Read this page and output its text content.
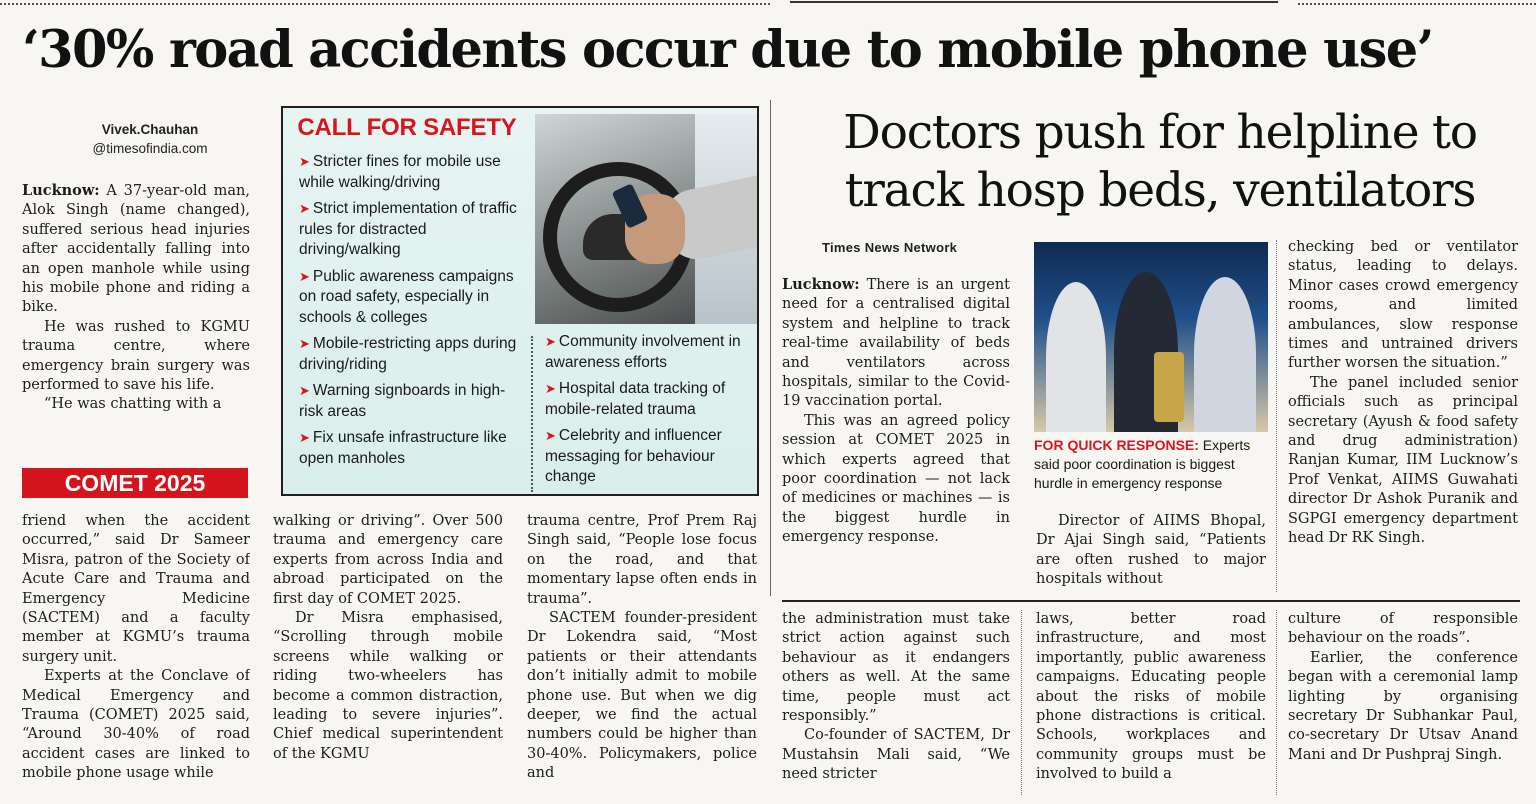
‘30% road accidents occur due to mobile phone use’
Vivek.Chauhan
@timesofindia.com

Lucknow: A 37-year-old man, Alok Singh (name changed), suffered serious head injuries after accidentally falling into an open manhole while using his mobile phone and riding a bike.

He was rushed to KGMU trauma centre, where emergency brain surgery was performed to save his life.

“He was chatting with a

COMET 2025
CALL FOR SAFETY
➤ Stricter fines for mobile use while walking/driving
➤ Strict implementation of traffic rules for distracted driving/walking
➤ Public awareness campaigns on road safety, especially in schools & colleges
➤ Mobile-restricting apps during driving/riding
➤ Warning signboards in high-risk areas
➤ Fix unsafe infrastructure like open manholes
➤ Community involvement in awareness efforts
➤ Hospital data tracking of mobile-related trauma
➤ Celebrity and influencer messaging for behaviour change

friend when the accident occurred,” said Dr Sameer Misra, patron of the Society of Acute Care and Trauma and Emergency Medicine (SACTEM) and a faculty member at KGMU’s trauma surgery unit.

Experts at the Conclave of Medical Emergency and Trauma (COMET) 2025 said, “Around 30-40% of road accident cases are linked to mobile phone usage while

walking or driving”. Over 500 trauma and emergency care experts from across India and abroad participated on the first day of COMET 2025.

Dr Misra emphasised, “Scrolling through mobile screens while walking or riding two-wheelers has become a common distraction, leading to severe injuries”. Chief medical superintendent of the KGMU

trauma centre, Prof Prem Raj Singh said, “People lose focus on the road, and that momentary lapse often ends in trauma”.

SACTEM founder-president Dr Lokendra said, “Most patients or their attendants don’t initially admit to mobile phone use. But when we dig deeper, we find the actual numbers could be higher than 30-40%. Policymakers, police and

Doctors push for helpline to track hosp beds, ventilators
Times News Network

Lucknow: There is an urgent need for a centralised digital system and helpline to track real-time availability of beds and ventilators across hospitals, similar to the Covid-19 vaccination portal.

This was an agreed policy session at COMET 2025 in which experts agreed that poor coordination — not lack of medicines or machines — is the biggest hurdle in emergency response.

FOR QUICK RESPONSE: Experts said poor coordination is biggest hurdle in emergency response

Director of AIIMS Bhopal, Dr Ajai Singh said, “Patients are often rushed to major hospitals without

checking bed or ventilator status, leading to delays. Minor cases crowd emergency rooms, and limited ambulances, slow response times and untrained drivers further worsen the situation.”

The panel included senior officials such as principal secretary (Ayush & food safety and drug administration) Ranjan Kumar, IIM Lucknow’s Prof Venkat, AIIMS Guwahati director Dr Ashok Puranik and SGPGI emergency department head Dr RK Singh.

the administration must take strict action against such behaviour as it endangers others as well. At the same time, people must act responsibly.”

Co-founder of SACTEM, Dr Mustahsin Mali said, “We need stricter

laws, better road infrastructure, and most importantly, public awareness campaigns. Educating people about the risks of mobile phone distractions is critical. Schools, workplaces and community groups must be involved to build a

culture of responsible behaviour on the roads”.

Earlier, the conference began with a ceremonial lamp lighting by organising secretary Dr Subhankar Paul, co-secretary Dr Utsav Anand Mani and Dr Pushpraj Singh.
